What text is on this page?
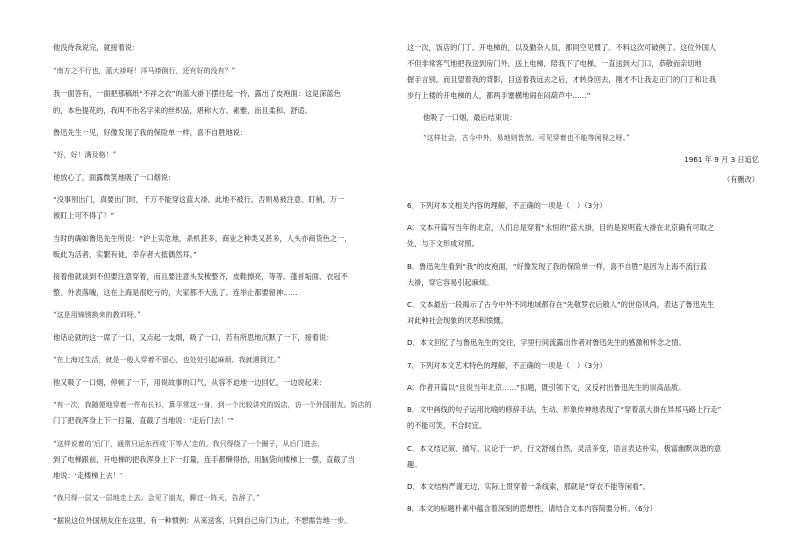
他没待我说完，就接着说：

“南方之不行也，蓝大褂呀！洋马褂倒行，还有好的没有？”

我一面答有，一面把那稿纸“不祥之衣”的蓝大褂下摆往起一拎，露出了皮袍面：这是深蓝色

的，本色提花的，我叫不出名字来的丝织品，堪称大方、素雅，而且柔和、舒适。

鲁迅先生一见，好像发现了我的保险单一样，喜不自胜地说：

“好，好！满及格！”

他放心了，面露微笑地吸了一口烟说：

“没事别出门，真要出门时，千万不能穿这蓝大褂。此地不被行。否则易被注意、盯梢，万一

被盯上可不得了！”

当时的确如鲁迅先生所说：“沪上实危地，杀机甚多，商业之种类又甚多，人头亦商货色之一，

贩此为活者，实繁有徒，幸存者大抵偶然耳。”

接着他就谈到不但要注意穿着，而且要注意头发梳整齐，皮鞋擦亮，等等。蓬首垢面、衣冠不

整、外表落魄，这在上海是很吃亏的，大家都不大乱了。连举止都要留神……

“这是用锦锈换来的教训呀。”

他话论就的这一席了一口，又点起一支烟，吸了一口，若有所思地沉默了一下，接着说：

“在上海过生活，就是一般人穿着不留心，也处处引起麻烦。我就遇到过。”

他又吸了一口烟，停顿了一下，用说故事的口气，从容不迫地一边回忆，一边说起来：

“有一次，我随便地穿着一件布长衫，算平常这一身，到一个比较讲究的饭店，访一个外国朋友。饭店的

门丁把我浑身上下一打量，直截了当地说：‘走后门去！’”

“这样说着的‘后门’，通常只运东西或‘下等人’走的。我只得绕了一个圈子，从后门进去，

到了电梯跟前，开电梯的把我浑身上下一打量，连手都懒得抬，用脑袋向楼梯上一摆，直截了当

地说：‘走楼梯上去！’

“我只得一层又一层地走上去。会见了朋友，聊过一阵天，告辞了。”

“据说这位外国朋友住在这里，有一种惯例：从来送客，只到自己房门为止，不想需告地一步。

这一次，饭店的门丁、开电梯的，以及勤杂人员，都同空见惯了。不料这次可破例了。这位外国人

不但非常客气地把我送到房门外，送上电梯，陪我下了电梯，一直送到大门口，恭敬而亲切地

握手言别，而且望着我的背影，目送着我远去之后，才转身回去，刚才不让我走正门的门丁和让我

步行上楼的开电梯的人，都两手塞横地闹在闷葫芦中……”

他吸了一口烟，最后结束说：

“这样社会，古今中外，易地则皆然。可见穿着也不能等闲视之呀。”

1961 年 9 月 3 日追忆

（有删改）

6．下列对本文相关内容的理解，不正确的一项是（　）（3分）

A．文本开篇写当年的北京，人们总是穿着“永恒的”蓝大褂，目的是说明蓝大褂在北京确有可取之

处，与下文形成对照。

B．鲁迅先生看到“我”的皮袍面，“好像发现了我的保险单一样，喜不自胜”是因为上海不流行蓝

大褂，穿它容易引起麻烦。

C．文本最后一段揭示了古今中外不同地域都存在“先敬罗衣后敬人”的世俗风尚，表达了鲁迅先生

对此种社会现象的厌恶和愤慨。

D．本文回忆了与鲁迅先生的交往，字里行间流露出作者对鲁迅先生的感激和怀念之情。

7．下列对本文艺术特色的理解，不正确的一项是（　）（3分）

A．作者开篇以“且说当年北京……”扣题，既引领下文，又反衬出鲁迅先生的崇高品质。

B．文中画线的句子运用比喻的修辞手法，生动、形象传神地表现了“穿着蓝大褂在异邦马路上行走”

的不能可笑，不合时宜。

C．本文结记叙、描写、议论于一炉，行文舒缓自然，灵活多变，语言表达朴实，极富幽默诙谐的意

趣。

D．本文结构严谨无边，实际上贯穿着一条线索，那就是“穿衣不能等闲看”。

8．本文的标题朴素中蕴含着深刻的思想性，请结合文本内容简要分析。（6分）
